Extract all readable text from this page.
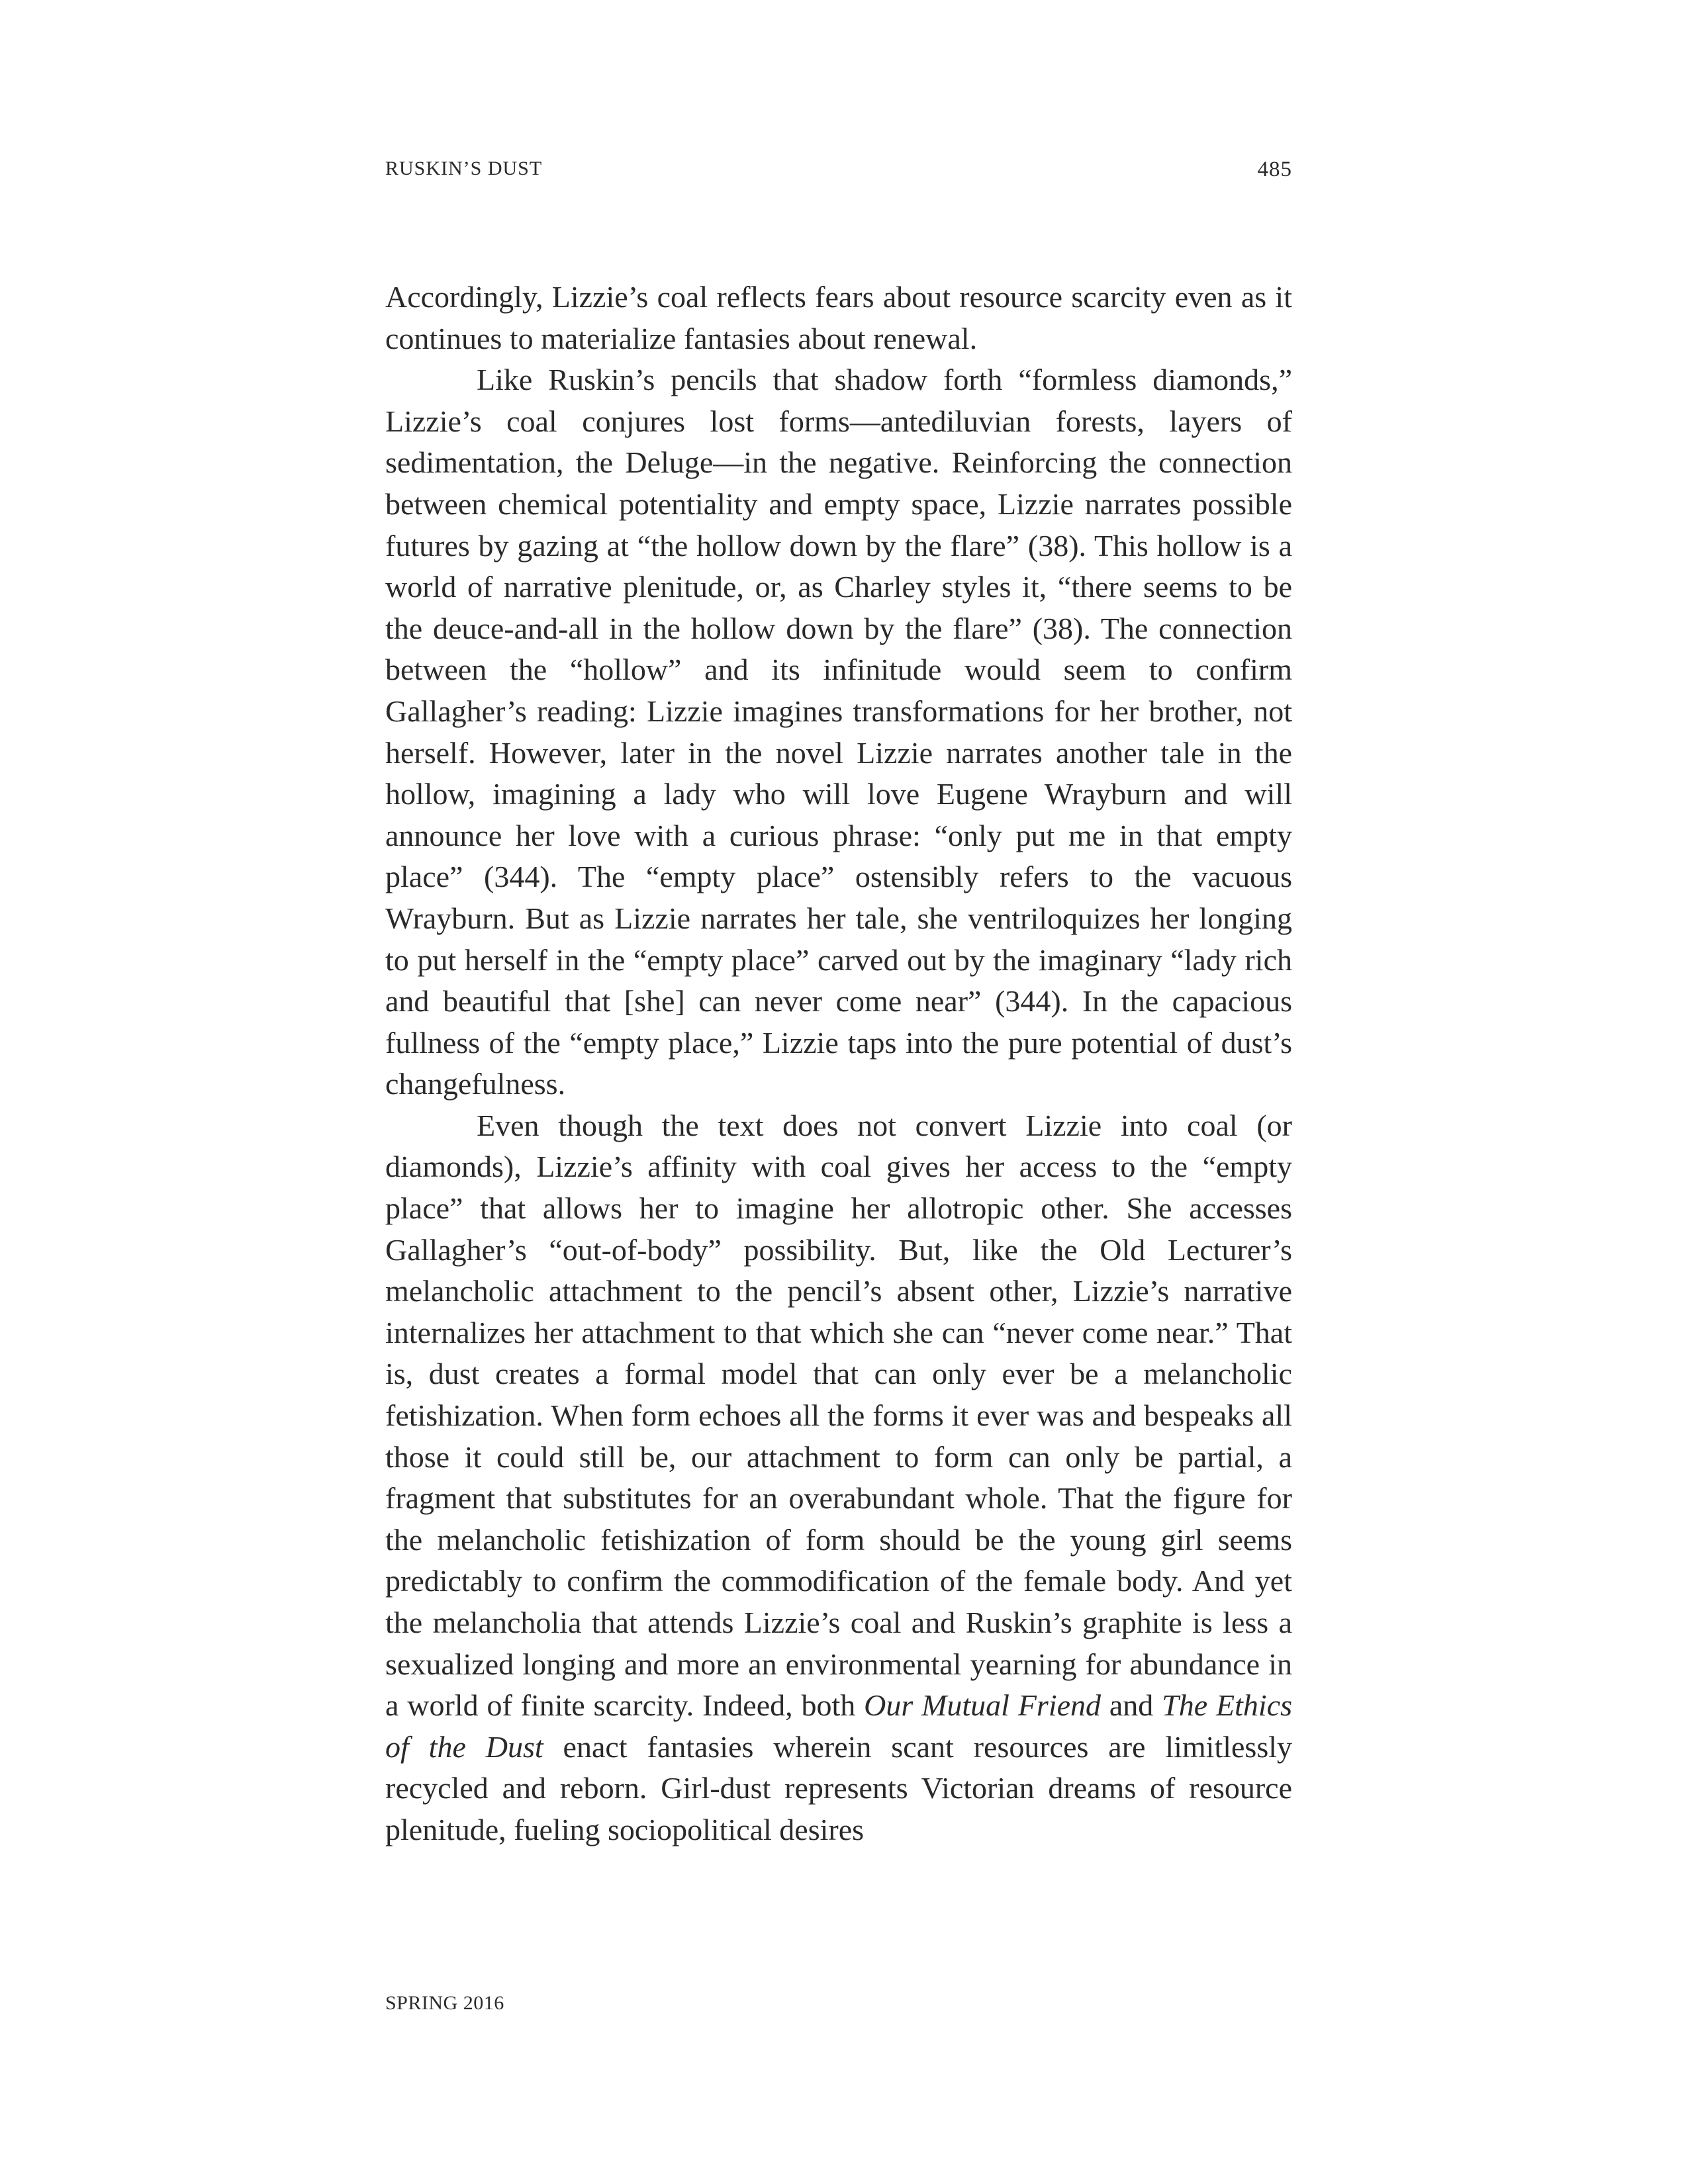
RUSKIN’S DUST	485

Accordingly, Lizzie’s coal reflects fears about resource scarcity even as it continues to materialize fantasies about renewal.

Like Ruskin’s pencils that shadow forth “formless diamonds,” Lizzie’s coal conjures lost forms—antediluvian forests, layers of sedimentation, the Deluge—in the negative. Reinforcing the connection between chemical potentiality and empty space, Lizzie narrates possible futures by gazing at “the hollow down by the flare” (38). This hollow is a world of narrative plenitude, or, as Charley styles it, “there seems to be the deuce-and-all in the hollow down by the flare” (38). The connection between the “hollow” and its infinitude would seem to confirm Gallagher’s reading: Lizzie imagines transformations for her brother, not herself. However, later in the novel Lizzie narrates another tale in the hollow, imagining a lady who will love Eugene Wrayburn and will announce her love with a curious phrase: “only put me in that empty place” (344). The “empty place” ostensibly refers to the vacuous Wrayburn. But as Lizzie narrates her tale, she ventriloquizes her longing to put herself in the “empty place” carved out by the imaginary “lady rich and beautiful that [she] can never come near” (344). In the capacious fullness of the “empty place,” Lizzie taps into the pure potential of dust’s changefulness.

Even though the text does not convert Lizzie into coal (or diamonds), Lizzie’s affinity with coal gives her access to the “empty place” that allows her to imagine her allotropic other. She accesses Gallagher’s “out-of-body” possibility. But, like the Old Lecturer’s melancholic attachment to the pencil’s absent other, Lizzie’s narrative internalizes her attachment to that which she can “never come near.” That is, dust creates a formal model that can only ever be a melancholic fetishization. When form echoes all the forms it ever was and bespeaks all those it could still be, our attachment to form can only be partial, a fragment that substitutes for an overabundant whole. That the figure for the melancholic fetishization of form should be the young girl seems predictably to confirm the commodification of the female body. And yet the melancholia that attends Lizzie’s coal and Ruskin’s graphite is less a sexualized longing and more an environmental yearning for abundance in a world of finite scarcity. Indeed, both Our Mutual Friend and The Ethics of the Dust enact fantasies wherein scant resources are limitlessly recycled and reborn. Girl-dust represents Victorian dreams of resource plenitude, fueling sociopolitical desires

SPRING 2016
